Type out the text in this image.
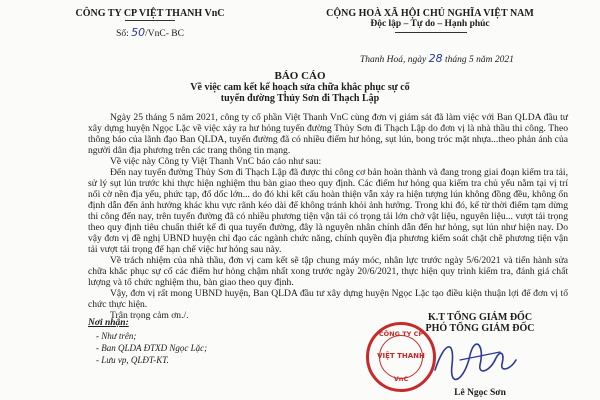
CÔNG TY CP VIỆT THANH VnC
Số: 50/VnC- BC
CỘNG HOÀ XÃ HỘI CHỦ NGHĨA VIỆT NAM
Độc lập – Tự do – Hạnh phúc
Thanh Hoá, ngày 28 tháng 5 năm 2021
BÁO CÁO
Về việc cam kết kế hoạch sửa chữa khắc phục sự cố
tuyến đường Thủy Sơn đi Thạch Lập

Ngày 25 tháng 5 năm 2021, công ty cổ phần Việt Thanh VnC cùng đơn vị giám sát đã làm việc với Ban QLDA đầu tư xây dựng huyện Ngọc Lặc về việc xảy ra hư hỏng tuyến đường Thủy Sơn đi Thạch Lập do đơn vị là nhà thầu thi công. Theo thông báo của lãnh đạo Ban QLDA, tuyến đường đã có nhiều điểm hư hỏng, sụt lún, bong tróc mặt nhựa...theo phản ánh của người dân địa phương trên các trang thông tin mạng.

Về việc này Công ty Việt Thanh VnC báo cáo như sau:

Đến nay tuyến đường Thủy Sơn đi Thạch Lập đã được thi công cơ bản hoàn thành và đang trong giai đoạn kiểm tra tải, sử lý sụt lún trước khi thực hiện nghiệm thu bàn giao theo quy định. Các điểm hư hỏng qua kiểm tra chủ yếu nằm tại vị trí nối cờ nền địa yếu, phức tạp, đổ dốc lớn... do đó khi kết cấu hoàn thiện vẫn xảy ra hiện tượng lún không đồng đều, không ổn định dẫn đến ảnh hưởng khác khu vực rãnh kéo dài để không tránh khỏi ảnh hưởng. Trong khi đó, kể từ thời điểm tạm dừng thi công đến nay, trên tuyến đường đã có nhiều phương tiện vận tải có trọng tải lớn chở vật liệu, nguyên liệu... vượt tải trọng theo quy định tiêu chuẩn thiết kế đi qua tuyến đường, đây là nguyên nhân chính dẫn đến hư hỏng, sụt lún như hiện nay. Do vậy đơn vị đề nghị UBND huyện chỉ đạo các ngành chức năng, chính quyền địa phương kiểm soát chặt chẽ phương tiện vận tải vượt tải trọng để hạn chế việc hư hỏng sau này.

Về trách nhiệm của nhà thầu, đơn vị cam kết sẽ tập chung máy móc, nhân lực trước ngày 5/6/2021 và tiến hành sửa chữa khắc phục sự cố các điểm hư hỏng chậm nhất xong trước ngày 20/6/2021, thực hiện quy trình kiểm tra, đánh giá chất lượng và tổ chức nghiệm thu, bàn giao theo quy định.

Vậy, đơn vị rất mong UBND huyện, Ban QLDA đầu tư xây dựng huyện Ngọc Lặc tạo điều kiện thuận lợi để đơn vị tổ chức thực hiện.

Trân trọng cảm ơn./.

Nơi nhận:
- Như trên;
- Ban QLDA ĐTXD Ngọc Lặc;
- Lưu vp, QLĐT-KT.
K.T TỔNG GIÁM ĐỐC
PHÓ TỔNG GIÁM ĐỐC
CÔNG TY CP
VIỆT THANH
VnC
Lê Ngọc Sơn
